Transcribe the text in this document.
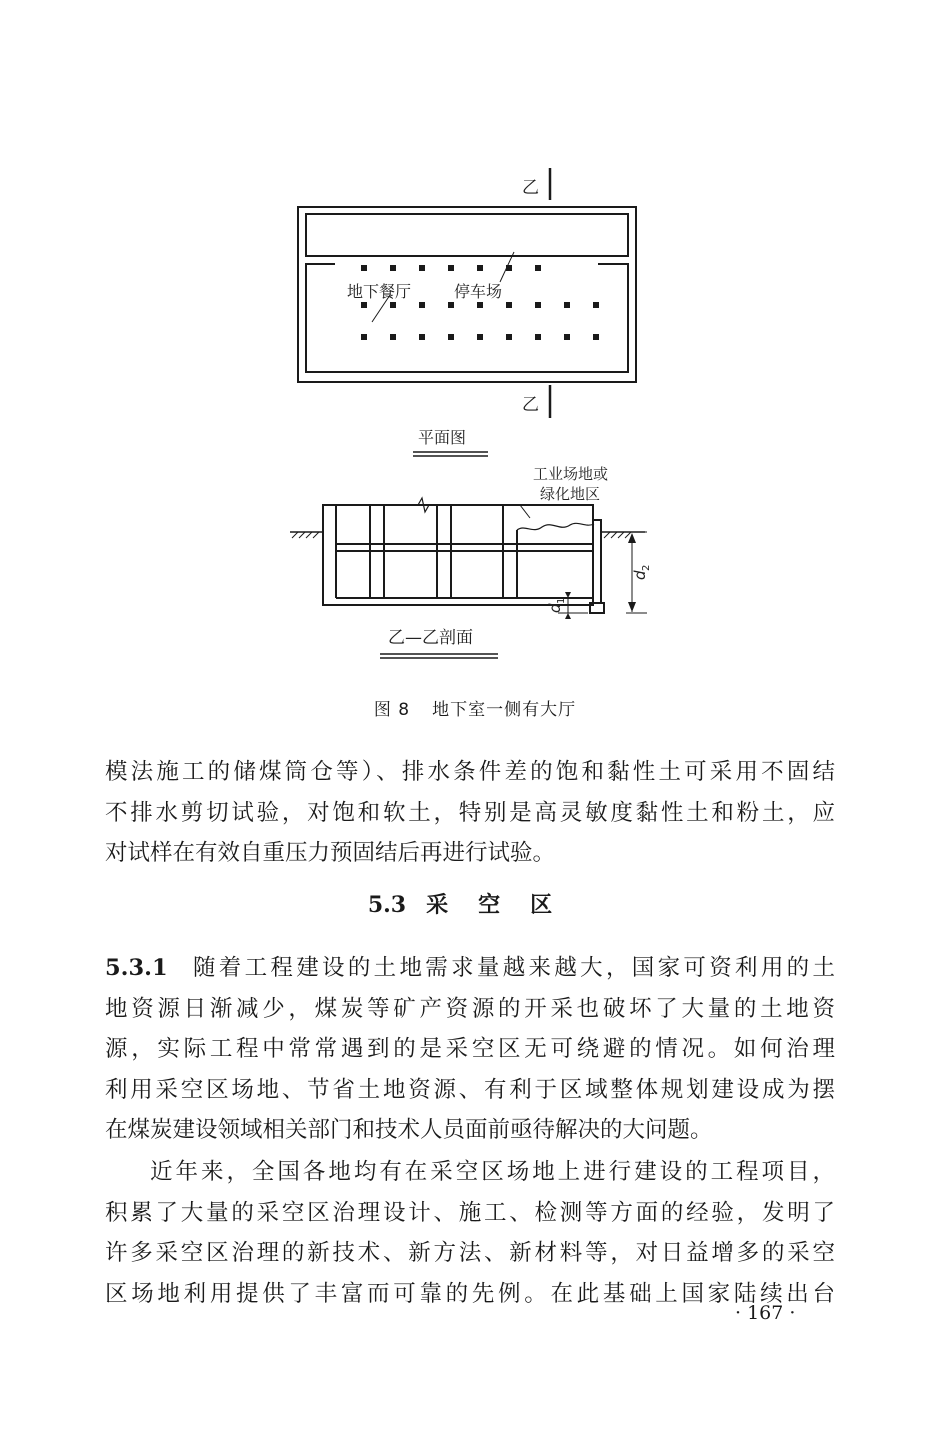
乙
乙
地下餐厅	停车场
平面图
工业场地或
绿化地区
d
2
d
1
乙—乙剖面
图 8 地下室一侧有大厅
模法施工的储煤筒仓等）、排水条件差的饱和黏性土可采用不固结
不排水剪切试验，对饱和软土，特别是高灵敏度黏性土和粉土，应
对试样在有效自重压力预固结后再进行试验。
5.3 采空区
5.3.1 随着工程建设的土地需求量越来越大，国家可资利用的土
地资源日渐减少，煤炭等矿产资源的开采也破坏了大量的土地资
源，实际工程中常常遇到的是采空区无可绕避的情况。如何治理
利用采空区场地、节省土地资源、有利于区域整体规划建设成为摆
在煤炭建设领域相关部门和技术人员面前亟待解决的大问题。
近年来，全国各地均有在采空区场地上进行建设的工程项目，
积累了大量的采空区治理设计、施工、检测等方面的经验，发明了
许多采空区治理的新技术、新方法、新材料等，对日益增多的采空
区场地利用提供了丰富而可靠的先例。在此基础上国家陆续出台
· 167 ·
